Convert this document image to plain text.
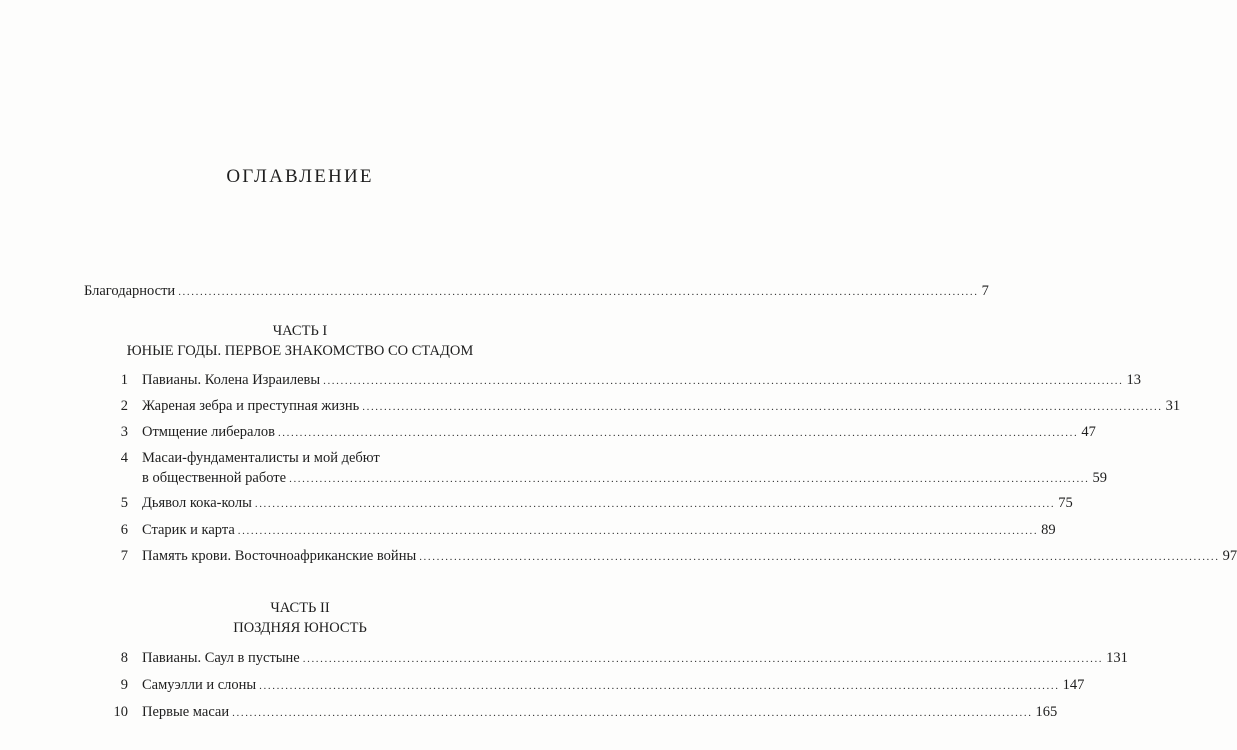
ОГЛАВЛЕНИЕ
Благодарности .....	7
ЧАСТЬ I
ЮНЫЕ ГОДЫ. ПЕРВОЕ ЗНАКОМСТВО СО СТАДОМ
1 Павианы. Колена Израилевы .....	13
2 Жареная зебра и преступная жизнь .....	31
3 Отмщение либералов .....	47
4 Масаи-фундаменталисты и мой дебют
в общественной работе .....	59
5 Дьявол кока-колы .....	75
6 Старик и карта .....	89
7 Память крови. Восточноафриканские войны .....	97
ЧАСТЬ II
ПОЗДНЯЯ ЮНОСТЬ
8 Павианы. Саул в пустыне .....	131
9 Самуэлли и слоны .....	147
10 Первые масаи .....	165
